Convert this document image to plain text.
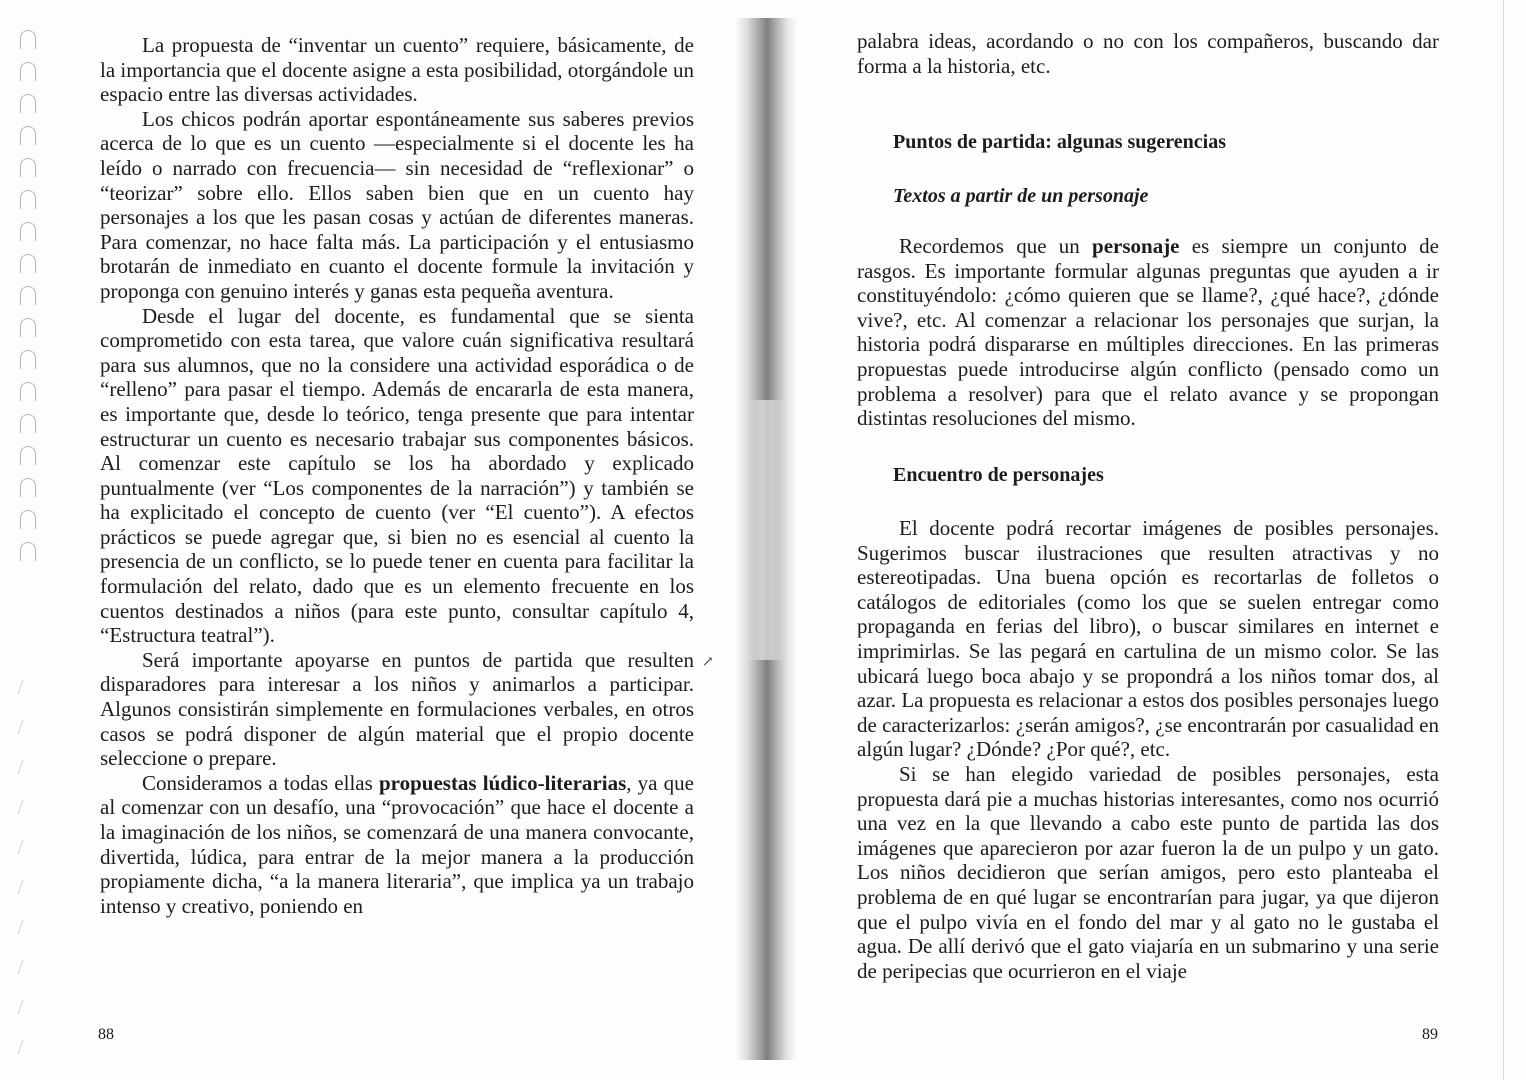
La propuesta de “inventar un cuento” requiere, básicamente, de la importancia que el docente asigne a esta posibilidad, otorgándole un espacio entre las diversas actividades.

Los chicos podrán aportar espontáneamente sus saberes previos acerca de lo que es un cuento —especialmente si el docente les ha leído o narrado con frecuencia— sin necesidad de “reflexionar” o “teorizar” sobre ello. Ellos saben bien que en un cuento hay personajes a los que les pasan cosas y actúan de diferentes maneras. Para comenzar, no hace falta más. La participación y el entusiasmo brotarán de inmediato en cuanto el docente formule la invitación y proponga con genuino interés y ganas esta pequeña aventura.

Desde el lugar del docente, es fundamental que se sienta comprometido con esta tarea, que valore cuán significativa resultará para sus alumnos, que no la considere una actividad esporádica o de “relleno” para pasar el tiempo. Además de encararla de esta manera, es importante que, desde lo teórico, tenga presente que para intentar estructurar un cuento es necesario trabajar sus componentes básicos. Al comenzar este capítulo se los ha abordado y explicado puntualmente (ver “Los componentes de la narración”) y también se ha explicitado el concepto de cuento (ver “El cuento”). A efectos prácticos se puede agregar que, si bien no es esencial al cuento la presencia de un conflicto, se lo puede tener en cuenta para facilitar la formulación del relato, dado que es un elemento frecuente en los cuentos destinados a niños (para este punto, consultar capítulo 4, “Estructura teatral”).

Será importante apoyarse en puntos de partida que resulten disparadores para interesar a los niños y animarlos a participar. Algunos consistirán simplemente en formulaciones verbales, en otros casos se podrá disponer de algún material que el propio docente seleccione o prepare.

Consideramos a todas ellas propuestas lúdico-literarias, ya que al comenzar con un desafío, una “provocación” que hace el docente a la imaginación de los niños, se comenzará de una manera convocante, divertida, lúdica, para entrar de la mejor manera a la producción propiamente dicha, “a la manera literaria”, que implica ya un trabajo intenso y creativo, poniendo en

88
↗

palabra ideas, acordando o no con los compañeros, buscando dar forma a la historia, etc.

Puntos de partida: algunas sugerencias
Textos a partir de un personaje

Recordemos que un personaje es siempre un conjunto de rasgos. Es importante formular algunas preguntas que ayuden a ir constituyéndolo: ¿cómo quieren que se llame?, ¿qué hace?, ¿dónde vive?, etc. Al comenzar a relacionar los personajes que surjan, la historia podrá dispararse en múltiples direcciones. En las primeras propuestas puede introducirse algún conflicto (pensado como un problema a resolver) para que el relato avance y se propongan distintas resoluciones del mismo.

Encuentro de personajes

El docente podrá recortar imágenes de posibles personajes. Sugerimos buscar ilustraciones que resulten atractivas y no estereotipadas. Una buena opción es recortarlas de folletos o catálogos de editoriales (como los que se suelen entregar como propaganda en ferias del libro), o buscar similares en internet e imprimirlas. Se las pegará en cartulina de un mismo color. Se las ubicará luego boca abajo y se propondrá a los niños tomar dos, al azar. La propuesta es relacionar a estos dos posibles personajes luego de caracterizarlos: ¿serán amigos?, ¿se encontrarán por casualidad en algún lugar? ¿Dónde? ¿Por qué?, etc.

Si se han elegido variedad de posibles personajes, esta propuesta dará pie a muchas historias interesantes, como nos ocurrió una vez en la que llevando a cabo este punto de partida las dos imágenes que aparecieron por azar fueron la de un pulpo y un gato. Los niños decidieron que serían amigos, pero esto planteaba el problema de en qué lugar se encontrarían para jugar, ya que dijeron que el pulpo vivía en el fondo del mar y al gato no le gustaba el agua. De allí derivó que el gato viajaría en un submarino y una serie de peripecias que ocurrieron en el viaje

89
